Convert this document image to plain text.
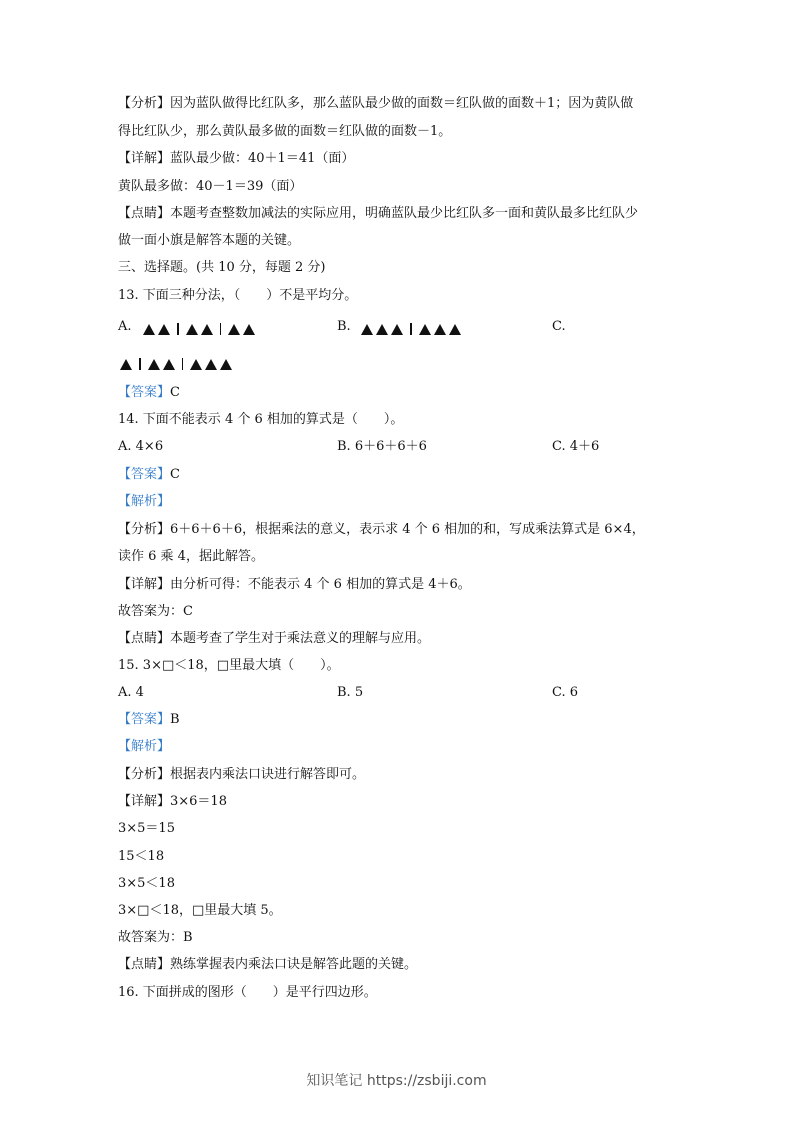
【分析】因为蓝队做得比红队多，那么蓝队最少做的面数＝红队做的面数＋1；因为黄队做
得比红队少，那么黄队最多做的面数＝红队做的面数－1。
【详解】蓝队最少做：40＋1＝41（面）
黄队最多做：40－1＝39（面）
【点睛】本题考查整数加减法的实际应用，明确蓝队最少比红队多一面和黄队最多比红队少
做一面小旗是解答本题的关键。
三、选择题。(共 10 分，每题 2 分)
13. 下面三种分法，（　　）不是平均分。
A.	B.	C.
【答案】C
14. 下面不能表示 4 个 6 相加的算式是（　　）。
A. 4×6	B. 6＋6＋6＋6	C. 4＋6
【答案】C
【解析】
【分析】6＋6＋6＋6，根据乘法的意义，表示求 4 个 6 相加的和，写成乘法算式是 6×4，
读作 6 乘 4，据此解答。
【详解】由分析可得：不能表示 4 个 6 相加的算式是 4＋6。
故答案为：C
【点睛】本题考查了学生对于乘法意义的理解与应用。
15. 3×□＜18，□里最大填（　　）。
A. 4	B. 5	C. 6
【答案】B
【解析】
【分析】根据表内乘法口诀进行解答即可。
【详解】3×6＝18
3×5＝15
15＜18
3×5＜18
3×□＜18，□里最大填 5。
故答案为：B
【点睛】熟练掌握表内乘法口诀是解答此题的关键。
16. 下面拼成的图形（　　）是平行四边形。
知识笔记 https://zsbiji.com
